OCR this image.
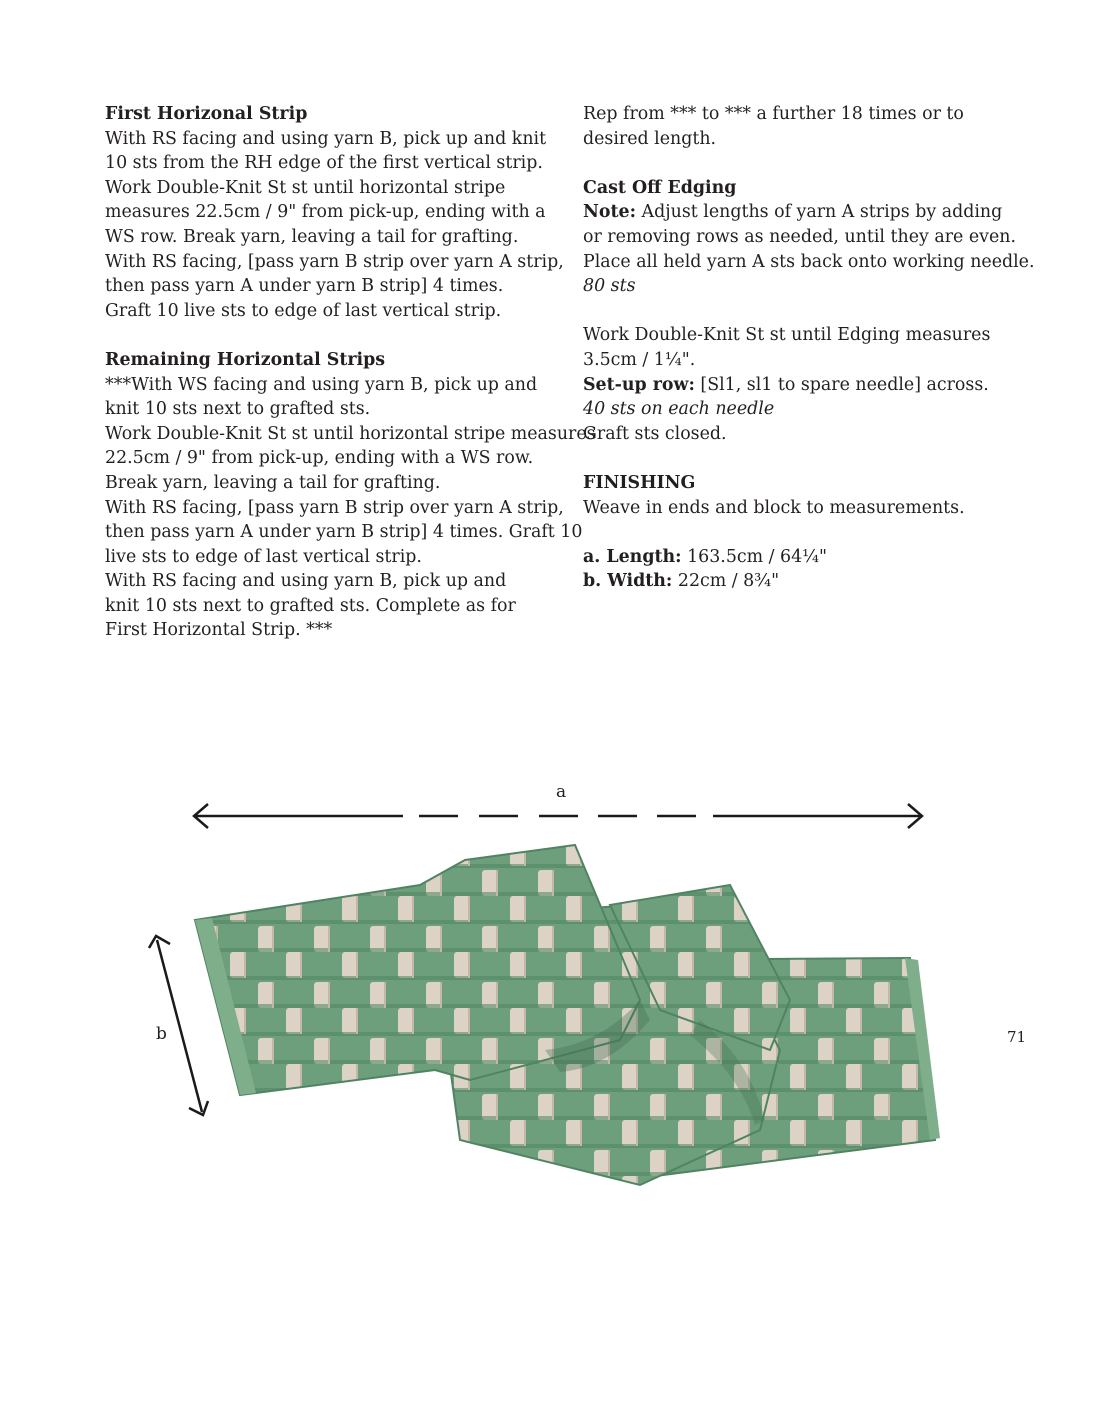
First Horizonal Strip
With RS facing and using yarn B, pick up and knit
10 sts from the RH edge of the first vertical strip.
Work Double-Knit St st until horizontal stripe
measures 22.5cm / 9" from pick-up, ending with a
WS row. Break yarn, leaving a tail for grafting.
With RS facing, [pass yarn B strip over yarn A strip,
then pass yarn A under yarn B strip] 4 times.
Graft 10 live sts to edge of last vertical strip.
Remaining Horizontal Strips
***With WS facing and using yarn B, pick up and
knit 10 sts next to grafted sts.
Work Double-Knit St st until horizontal stripe measures
22.5cm / 9" from pick-up, ending with a WS row.
Break yarn, leaving a tail for grafting.
With RS facing, [pass yarn B strip over yarn A strip,
then pass yarn A under yarn B strip] 4 times. Graft 10
live sts to edge of last vertical strip.
With RS facing and using yarn B, pick up and
knit 10 sts next to grafted sts. Complete as for
First Horizontal Strip. ***
Rep from *** to *** a further 18 times or to
desired length.
Cast Off Edging
Note: Adjust lengths of yarn A strips by adding
or removing rows as needed, until they are even.
Place all held yarn A sts back onto working needle.
80 sts
Work Double-Knit St st until Edging measures
3.5cm / 1¼".
Set-up row: [Sl1, sl1 to spare needle] across.
40 sts on each needle
Graft sts closed.
FINISHING
Weave in ends and block to measurements.
a. Length: 163.5cm / 64¼"
b. Width: 22cm / 8¾"
a
b	71
